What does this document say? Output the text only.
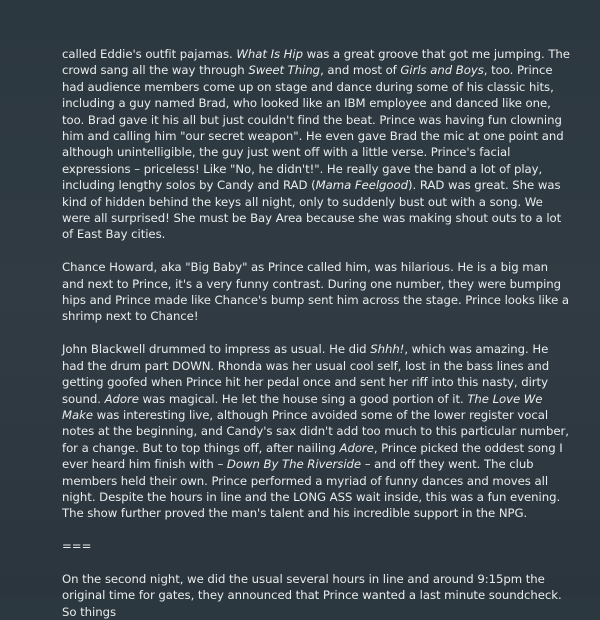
called Eddie's outfit pajamas. What Is Hip was a great groove that got me jumping. The crowd sang all the way through Sweet Thing, and most of Girls and Boys, too. Prince had audience members come up on stage and dance during some of his classic hits, including a guy named Brad, who looked like an IBM employee and danced like one, too. Brad gave it his all but just couldn't find the beat. Prince was having fun clowning him and calling him "our secret weapon". He even gave Brad the mic at one point and although unintelligible, the guy just went off with a little verse. Prince's facial expressions – priceless! Like "No, he didn't!". He really gave the band a lot of play, including lengthy solos by Candy and RAD (Mama Feelgood). RAD was great. She was kind of hidden behind the keys all night, only to suddenly bust out with a song. We were all surprised! She must be Bay Area because she was making shout outs to a lot of East Bay cities.

Chance Howard, aka "Big Baby" as Prince called him, was hilarious. He is a big man and next to Prince, it's a very funny contrast. During one number, they were bumping hips and Prince made like Chance's bump sent him across the stage. Prince looks like a shrimp next to Chance!

John Blackwell drummed to impress as usual. He did Shhh!, which was amazing. He had the drum part DOWN. Rhonda was her usual cool self, lost in the bass lines and getting goofed when Prince hit her pedal once and sent her riff into this nasty, dirty sound. Adore was magical. He let the house sing a good portion of it. The Love We Make was interesting live, although Prince avoided some of the lower register vocal notes at the beginning, and Candy's sax didn't add too much to this particular number, for a change. But to top things off, after nailing Adore, Prince picked the oddest song I ever heard him finish with – Down By The Riverside – and off they went. The club members held their own. Prince performed a myriad of funny dances and moves all night. Despite the hours in line and the LONG ASS wait inside, this was a fun evening. The show further proved the man's talent and his incredible support in the NPG.

===

On the second night, we did the usual several hours in line and around 9:15pm the original time for gates, they announced that Prince wanted a last minute soundcheck. So things
